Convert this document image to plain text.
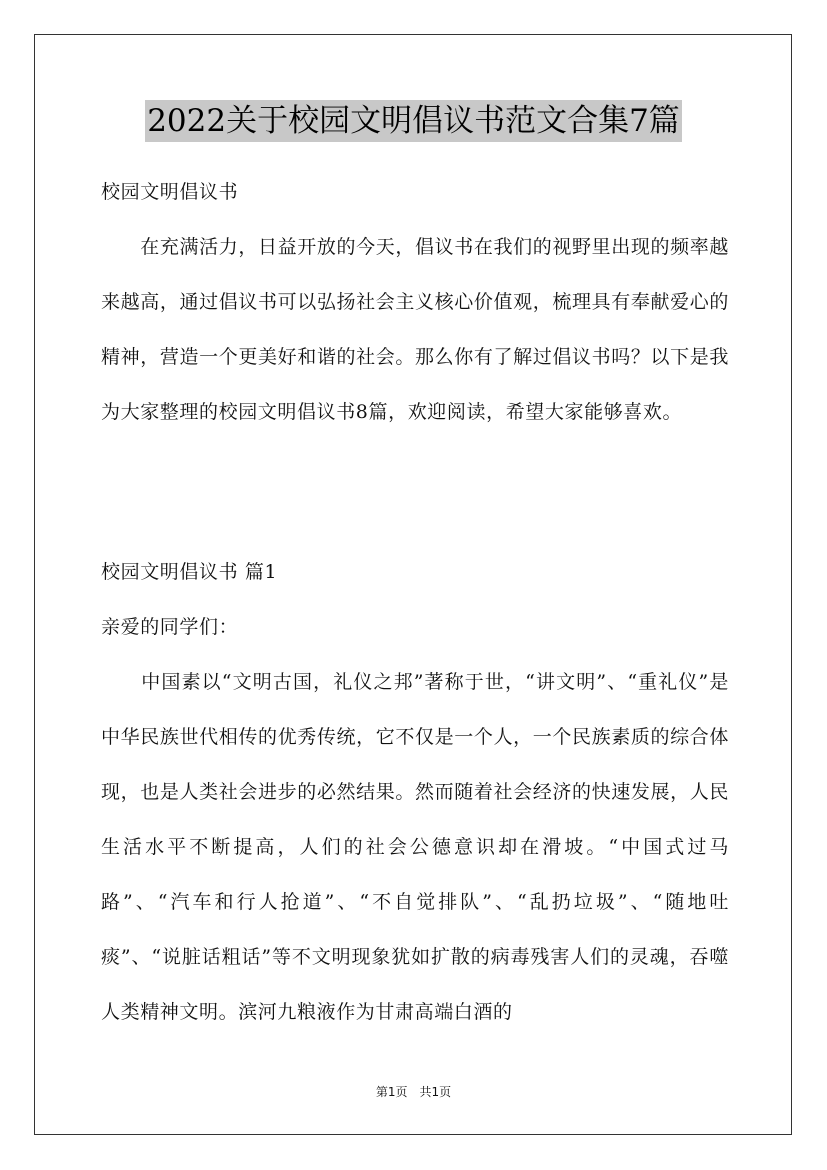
2022关于校园文明倡议书范文合集7篇

校园文明倡议书

　　在充满活力，日益开放的今天，倡议书在我们的视野里出现的频率越来越高，通过倡议书可以弘扬社会主义核心价值观，梳理具有奉献爱心的精神，营造一个更美好和谐的社会。那么你有了解过倡议书吗？以下是我为大家整理的校园文明倡议书8篇，欢迎阅读，希望大家能够喜欢。

校园文明倡议书 篇1

亲爱的同学们：

　　中国素以“文明古国，礼仪之邦”著称于世，“讲文明”、“重礼仪”是中华民族世代相传的优秀传统，它不仅是一个人，一个民族素质的综合体现，也是人类社会进步的必然结果。然而随着社会经济的快速发展，人民生活水平不断提高，人们的社会公德意识却在滑坡。“中国式过马路”、“汽车和行人抢道”、“不自觉排队”、“乱扔垃圾”、“随地吐痰”、“说脏话粗话”等不文明现象犹如扩散的病毒残害人们的灵魂，吞噬人类精神文明。滨河九粮液作为甘肃高端白酒的

第1页 共1页
